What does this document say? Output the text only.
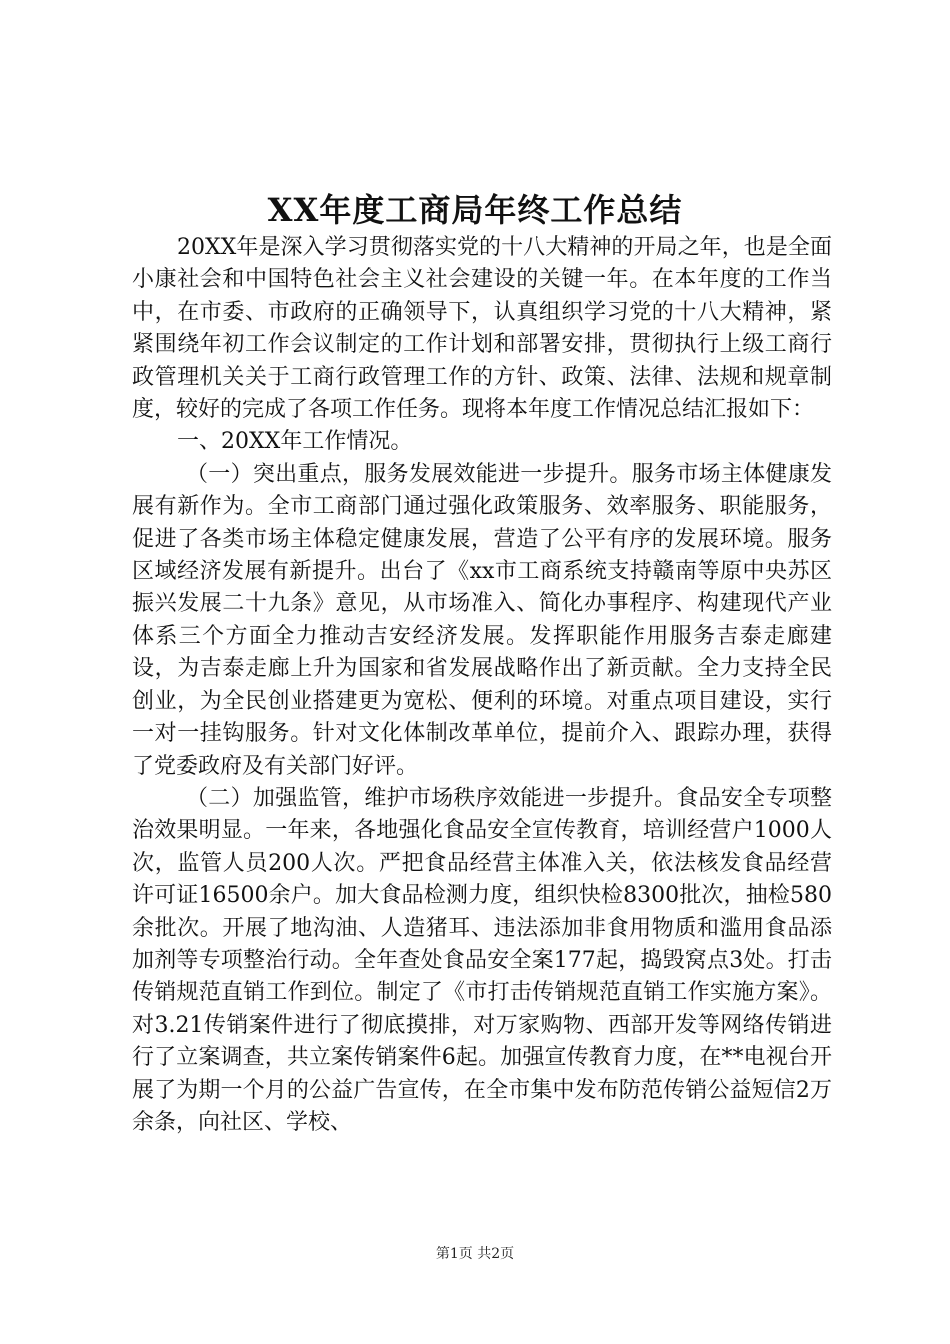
XX年度工商局年终工作总结

20XX年是深入学习贯彻落实党的十八大精神的开局之年，也是全面小康社会和中国特色社会主义社会建设的关键一年。在本年度的工作当中，在市委、市政府的正确领导下，认真组织学习党的十八大精神，紧紧围绕年初工作会议制定的工作计划和部署安排，贯彻执行上级工商行政管理机关关于工商行政管理工作的方针、政策、法律、法规和规章制度，较好的完成了各项工作任务。现将本年度工作情况总结汇报如下：

一、20XX年工作情况。

（一）突出重点，服务发展效能进一步提升。服务市场主体健康发展有新作为。全市工商部门通过强化政策服务、效率服务、职能服务，促进了各类市场主体稳定健康发展，营造了公平有序的发展环境。服务区域经济发展有新提升。出台了《xx市工商系统支持赣南等原中央苏区振兴发展二十九条》意见，从市场准入、简化办事程序、构建现代产业体系三个方面全力推动吉安经济发展。发挥职能作用服务吉泰走廊建设，为吉泰走廊上升为国家和省发展战略作出了新贡献。全力支持全民创业，为全民创业搭建更为宽松、便利的环境。对重点项目建设，实行一对一挂钩服务。针对文化体制改革单位，提前介入、跟踪办理，获得了党委政府及有关部门好评。

（二）加强监管，维护市场秩序效能进一步提升。食品安全专项整治效果明显。一年来，各地强化食品安全宣传教育，培训经营户1000人次，监管人员200人次。严把食品经营主体准入关，依法核发食品经营许可证16500余户。加大食品检测力度，组织快检8300批次，抽检580余批次。开展了地沟油、人造猪耳、违法添加非食用物质和滥用食品添加剂等专项整治行动。全年查处食品安全案177起，捣毁窝点3处。打击传销规范直销工作到位。制定了《市打击传销规范直销工作实施方案》。对3.21传销案件进行了彻底摸排，对万家购物、西部开发等网络传销进行了立案调查，共立案传销案件6起。加强宣传教育力度，在**电视台开展了为期一个月的公益广告宣传，在全市集中发布防范传销公益短信2万余条，向社区、学校、

第1页 共2页
